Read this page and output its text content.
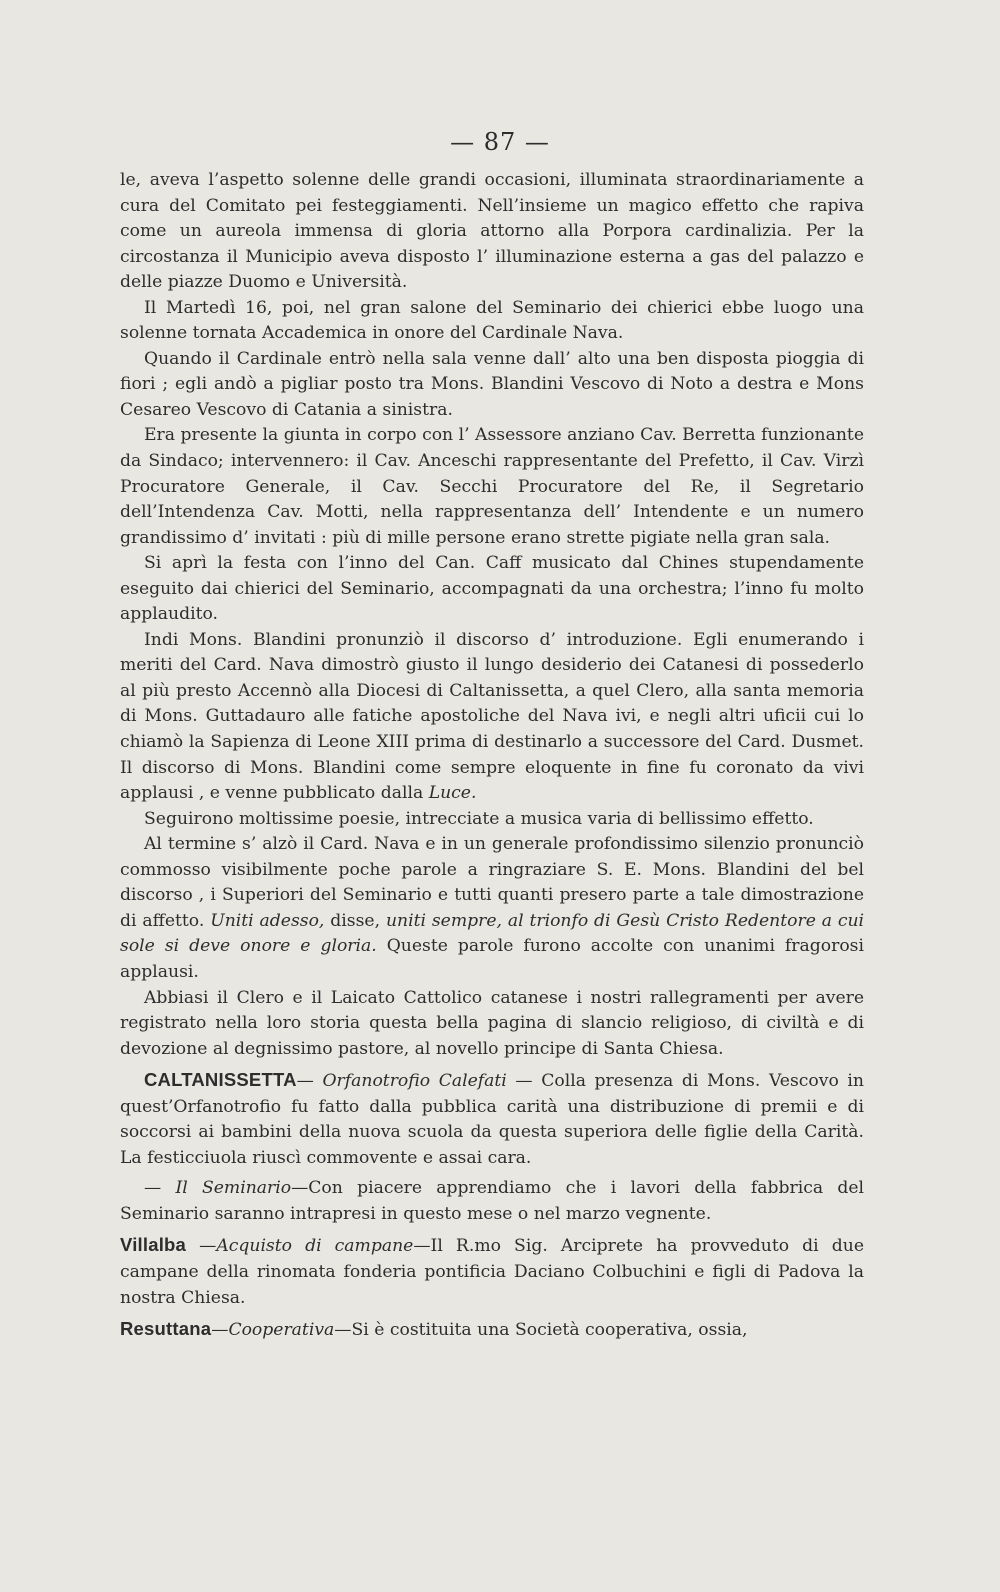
— 87 —

le, aveva l’aspetto solenne delle grandi occasioni, illuminata straordinariamente a cura del Comitato pei festeggiamenti. Nell’insieme un magico effetto che rapiva come un aureola immensa di gloria attorno alla Porpora cardinalizia. Per la circostanza il Municipio aveva disposto l’ illuminazione esterna a gas del palazzo e delle piazze Duomo e Università.

Il Martedì 16, poi, nel gran salone del Seminario dei chierici ebbe luogo una solenne tornata Accademica in onore del Cardinale Nava.

Quando il Cardinale entrò nella sala venne dall’ alto una ben disposta pioggia di fiori ; egli andò a pigliar posto tra Mons. Blandini Vescovo di Noto a destra e Mons Cesareo Vescovo di Catania a sinistra.

Era presente la giunta in corpo con l’ Assessore anziano Cav. Berretta funzionante da Sindaco; intervennero: il Cav. Anceschi rappresentante del Prefetto, il Cav. Virzì Procuratore Generale, il Cav. Secchi Procuratore del Re, il Segretario dell’Intendenza Cav. Motti, nella rappresentanza dell’ Intendente e un numero grandissimo d’ invitati : più di mille persone erano strette pigiate nella gran sala.

Si aprì la festa con l’inno del Can. Caff musicato dal Chines stupendamente eseguito dai chierici del Seminario, accompagnati da una orchestra; l’inno fu molto applaudito.

Indi Mons. Blandini pronunziò il discorso d’ introduzione. Egli enumerando i meriti del Card. Nava dimostrò giusto il lungo desiderio dei Catanesi di possederlo al più presto Accennò alla Diocesi di Caltanissetta, a quel Clero, alla santa memoria di Mons. Guttadauro alle fatiche apostoliche del Nava ivi, e negli altri uficii cui lo chiamò la Sapienza di Leone XIII prima di destinarlo a successore del Card. Dusmet. Il discorso di Mons. Blandini come sempre eloquente in fine fu coronato da vivi applausi , e venne pubblicato dalla Luce.

Seguirono moltissime poesie, intrecciate a musica varia di bellissimo effetto.

Al termine s’ alzò il Card. Nava e in un generale profondissimo silenzio pronunciò commosso visibilmente poche parole a ringraziare S. E. Mons. Blandini del bel discorso , i Superiori del Seminario e tutti quanti presero parte a tale dimostrazione di affetto. Uniti adesso, disse, uniti sempre, al trionfo di Gesù Cristo Redentore a cui sole si deve onore e gloria. Queste parole furono accolte con unanimi fragorosi applausi.

Abbiasi il Clero e il Laicato Cattolico catanese i nostri rallegramenti per avere registrato nella loro storia questa bella pagina di slancio religioso, di civiltà e di devozione al degnissimo pastore, al novello principe di Santa Chiesa.

CALTANISSETTA— Orfanotrofio Calefati — Colla presenza di Mons. Vescovo in quest’Orfanotrofio fu fatto dalla pubblica carità una distribuzione di premii e di soccorsi ai bambini della nuova scuola da questa superiora delle figlie della Carità. La festicciuola riuscì commovente e assai cara.

— Il Seminario—Con piacere apprendiamo che i lavori della fabbrica del Seminario saranno intrapresi in questo mese o nel marzo vegnente.

Villalba —Acquisto di campane—Il R.mo Sig. Arciprete ha provveduto di due campane della rinomata fonderia pontificia Daciano Colbuchini e figli di Padova la nostra Chiesa.

Resuttana—Cooperativa—Si è costituita una Società cooperativa, ossia,
